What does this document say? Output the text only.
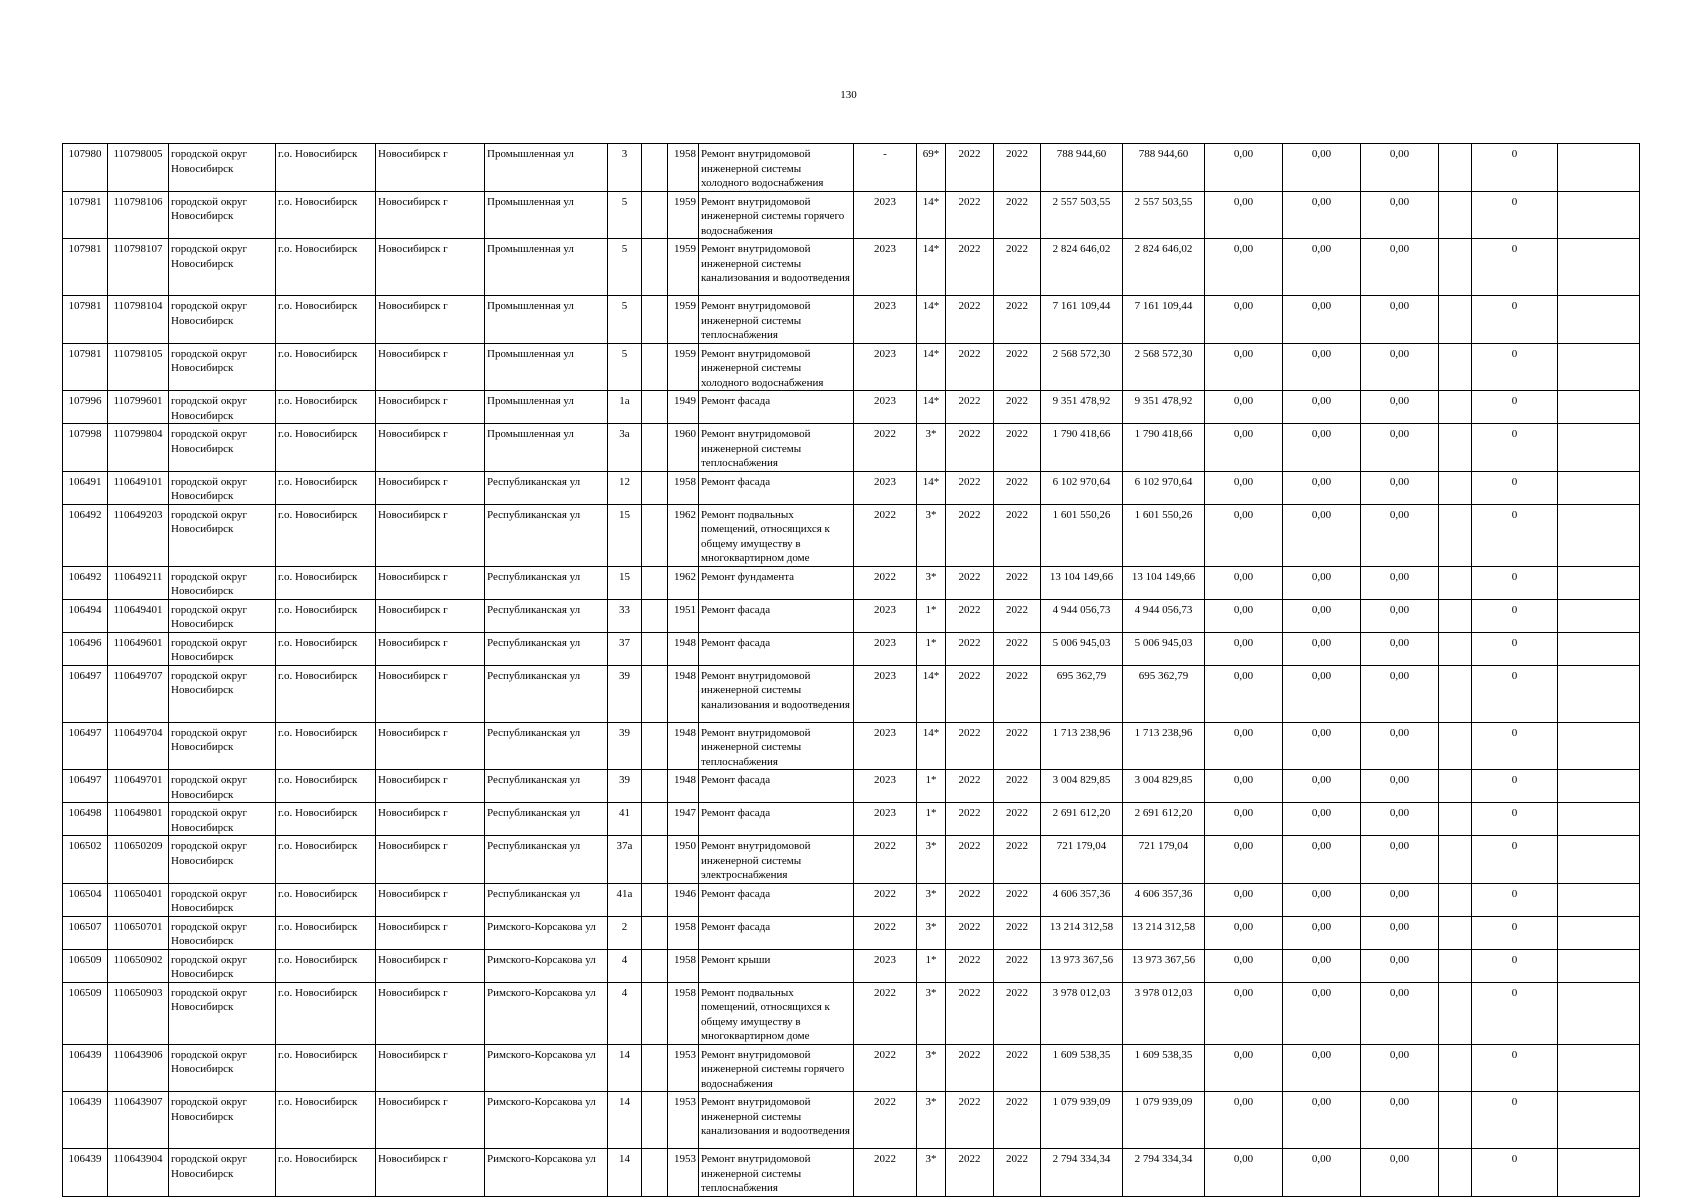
130
107980	110798005	городской округ Новосибирск	г.о. Новосибирск	Новосибирск г	Промышленная ул	3		1958	Ремонт внутридомовой инженерной системы холодного водоснабжения	-	69*	2022	2022	788 944,60	788 944,60	0,00	0,00	0,00		0	
107981	110798106	городской округ Новосибирск	г.о. Новосибирск	Новосибирск г	Промышленная ул	5		1959	Ремонт внутридомовой инженерной системы горячего водоснабжения	2023	14*	2022	2022	2 557 503,55	2 557 503,55	0,00	0,00	0,00		0	
107981	110798107	городской округ Новосибирск	г.о. Новосибирск	Новосибирск г	Промышленная ул	5		1959	Ремонт внутридомовой инженерной системы канализования и водоотведения	2023	14*	2022	2022	2 824 646,02	2 824 646,02	0,00	0,00	0,00		0	
107981	110798104	городской округ Новосибирск	г.о. Новосибирск	Новосибирск г	Промышленная ул	5		1959	Ремонт внутридомовой инженерной системы теплоснабжения	2023	14*	2022	2022	7 161 109,44	7 161 109,44	0,00	0,00	0,00		0	
107981	110798105	городской округ Новосибирск	г.о. Новосибирск	Новосибирск г	Промышленная ул	5		1959	Ремонт внутридомовой инженерной системы холодного водоснабжения	2023	14*	2022	2022	2 568 572,30	2 568 572,30	0,00	0,00	0,00		0	
107996	110799601	городской округ Новосибирск	г.о. Новосибирск	Новосибирск г	Промышленная ул	1а		1949	Ремонт фасада	2023	14*	2022	2022	9 351 478,92	9 351 478,92	0,00	0,00	0,00		0	
107998	110799804	городской округ Новосибирск	г.о. Новосибирск	Новосибирск г	Промышленная ул	3а		1960	Ремонт внутридомовой инженерной системы теплоснабжения	2022	3*	2022	2022	1 790 418,66	1 790 418,66	0,00	0,00	0,00		0	
106491	110649101	городской округ Новосибирск	г.о. Новосибирск	Новосибирск г	Республиканская ул	12		1958	Ремонт фасада	2023	14*	2022	2022	6 102 970,64	6 102 970,64	0,00	0,00	0,00		0	
106492	110649203	городской округ Новосибирск	г.о. Новосибирск	Новосибирск г	Республиканская ул	15		1962	Ремонт подвальных помещений, относящихся к общему имуществу в многоквартирном доме	2022	3*	2022	2022	1 601 550,26	1 601 550,26	0,00	0,00	0,00		0	
106492	110649211	городской округ Новосибирск	г.о. Новосибирск	Новосибирск г	Республиканская ул	15		1962	Ремонт фундамента	2022	3*	2022	2022	13 104 149,66	13 104 149,66	0,00	0,00	0,00		0	
106494	110649401	городской округ Новосибирск	г.о. Новосибирск	Новосибирск г	Республиканская ул	33		1951	Ремонт фасада	2023	1*	2022	2022	4 944 056,73	4 944 056,73	0,00	0,00	0,00		0	
106496	110649601	городской округ Новосибирск	г.о. Новосибирск	Новосибирск г	Республиканская ул	37		1948	Ремонт фасада	2023	1*	2022	2022	5 006 945,03	5 006 945,03	0,00	0,00	0,00		0	
106497	110649707	городской округ Новосибирск	г.о. Новосибирск	Новосибирск г	Республиканская ул	39		1948	Ремонт внутридомовой инженерной системы канализования и водоотведения	2023	14*	2022	2022	695 362,79	695 362,79	0,00	0,00	0,00		0	
106497	110649704	городской округ Новосибирск	г.о. Новосибирск	Новосибирск г	Республиканская ул	39		1948	Ремонт внутридомовой инженерной системы теплоснабжения	2023	14*	2022	2022	1 713 238,96	1 713 238,96	0,00	0,00	0,00		0	
106497	110649701	городской округ Новосибирск	г.о. Новосибирск	Новосибирск г	Республиканская ул	39		1948	Ремонт фасада	2023	1*	2022	2022	3 004 829,85	3 004 829,85	0,00	0,00	0,00		0	
106498	110649801	городской округ Новосибирск	г.о. Новосибирск	Новосибирск г	Республиканская ул	41		1947	Ремонт фасада	2023	1*	2022	2022	2 691 612,20	2 691 612,20	0,00	0,00	0,00		0	
106502	110650209	городской округ Новосибирск	г.о. Новосибирск	Новосибирск г	Республиканская ул	37а		1950	Ремонт внутридомовой инженерной системы электроснабжения	2022	3*	2022	2022	721 179,04	721 179,04	0,00	0,00	0,00		0	
106504	110650401	городской округ Новосибирск	г.о. Новосибирск	Новосибирск г	Республиканская ул	41а		1946	Ремонт фасада	2022	3*	2022	2022	4 606 357,36	4 606 357,36	0,00	0,00	0,00		0	
106507	110650701	городской округ Новосибирск	г.о. Новосибирск	Новосибирск г	Римского-Корсакова ул	2		1958	Ремонт фасада	2022	3*	2022	2022	13 214 312,58	13 214 312,58	0,00	0,00	0,00		0	
106509	110650902	городской округ Новосибирск	г.о. Новосибирск	Новосибирск г	Римского-Корсакова ул	4		1958	Ремонт крыши	2023	1*	2022	2022	13 973 367,56	13 973 367,56	0,00	0,00	0,00		0	
106509	110650903	городской округ Новосибирск	г.о. Новосибирск	Новосибирск г	Римского-Корсакова ул	4		1958	Ремонт подвальных помещений, относящихся к общему имуществу в многоквартирном доме	2022	3*	2022	2022	3 978 012,03	3 978 012,03	0,00	0,00	0,00		0	
106439	110643906	городской округ Новосибирск	г.о. Новосибирск	Новосибирск г	Римского-Корсакова ул	14		1953	Ремонт внутридомовой инженерной системы горячего водоснабжения	2022	3*	2022	2022	1 609 538,35	1 609 538,35	0,00	0,00	0,00		0	
106439	110643907	городской округ Новосибирск	г.о. Новосибирск	Новосибирск г	Римского-Корсакова ул	14		1953	Ремонт внутридомовой инженерной системы канализования и водоотведения	2022	3*	2022	2022	1 079 939,09	1 079 939,09	0,00	0,00	0,00		0	
106439	110643904	городской округ Новосибирск	г.о. Новосибирск	Новосибирск г	Римского-Корсакова ул	14		1953	Ремонт внутридомовой инженерной системы теплоснабжения	2022	3*	2022	2022	2 794 334,34	2 794 334,34	0,00	0,00	0,00		0	
